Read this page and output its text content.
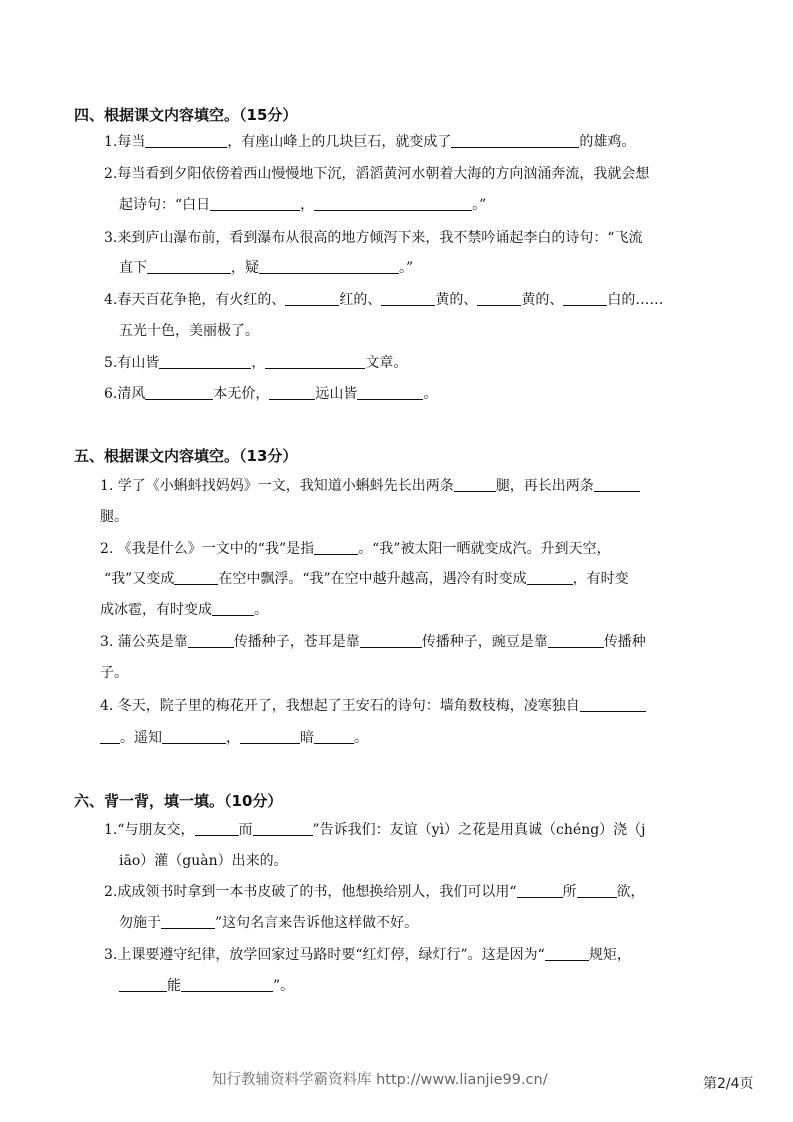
四、根据课文内容填空。（15分）
1.每当	，有座山峰上的几块巨石，就变成了	的雄鸡。
2.每当看到夕阳依傍着西山慢慢地下沉，滔滔黄河水朝着大海的方向汹涌奔流，我就会想
起诗句：“白日	，	。”
3.来到庐山瀑布前，看到瀑布从很高的地方倾泻下来，我不禁吟诵起李白的诗句：“飞流
直下	，疑	。”
4.春天百花争艳，有火红的、	红的、	黄的、	黄的、	白的……
五光十色，美丽极了。
5.有山皆	，	文章。
6.清风	本无价，	远山皆	。
五、根据课文内容填空。（13分）
1. 学了《小蝌蚪找妈妈》一文，我知道小蝌蚪先长出两条	腿，再长出两条
腿。
2. 《我是什么》一文中的“我”是指	。“我”被太阳一晒就变成汽。升到天空，
“我”又变成	在空中飘浮。“我”在空中越升越高，遇冷有时变成	，有时变
成冰雹，有时变成	。
3. 蒲公英是靠	传播种子，苍耳是靠	传播种子，豌豆是靠	传播种
子。
4. 冬天，院子里的梅花开了，我想起了王安石的诗句：墙角数枝梅，凌寒独自
。遥知	，	暗	。
六、背一背，填一填。（10分）
1.“与朋友交，	而	”告诉我们：友谊（yì）之花是用真诚（chéng）浇（j
iāo）灌（guàn）出来的。
2.成成领书时拿到一本书皮破了的书，他想换给别人，我们可以用“	所	欲，
勿施于	”这句名言来告诉他这样做不好。
3.上课要遵守纪律，放学回家过马路时要“红灯停，绿灯行”。这是因为“	规矩，
能	”。
知行教辅资料学霸资料库 http://www.lianjie99.cn/	第2/4页
